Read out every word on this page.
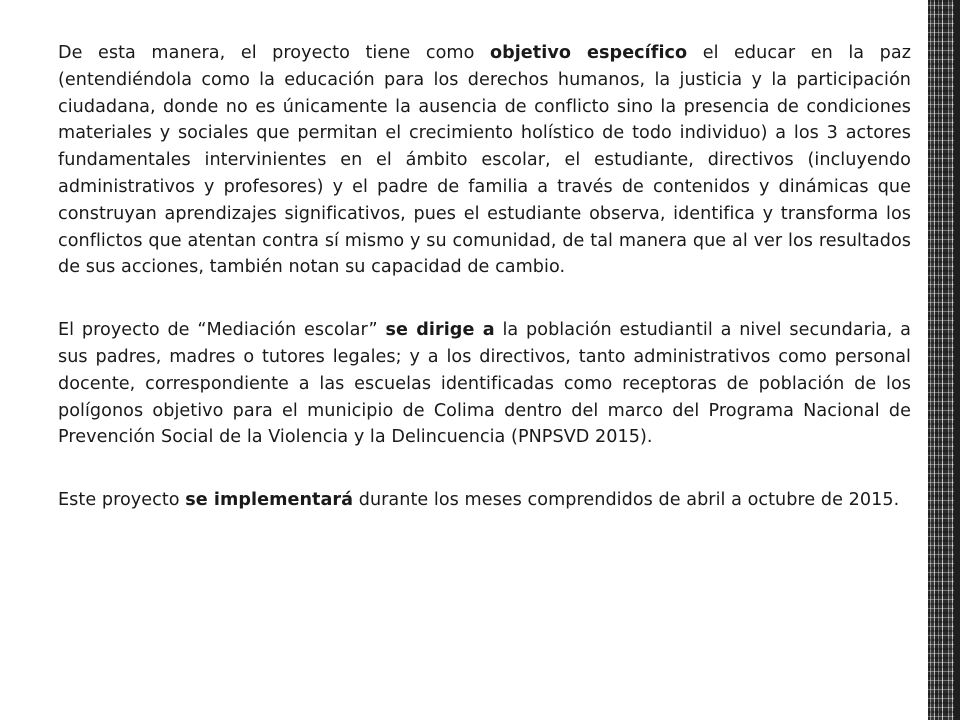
De esta manera, el proyecto tiene como objetivo específico el educar en la paz (entendiéndola como la educación para los derechos humanos, la justicia y la participación ciudadana, donde no es únicamente la ausencia de conflicto sino la presencia de condiciones materiales y sociales que permitan el crecimiento holístico de todo individuo) a los 3 actores fundamentales intervinientes en el ámbito escolar, el estudiante, directivos (incluyendo administrativos y profesores) y el padre de familia a través de contenidos y dinámicas que construyan aprendizajes significativos, pues el estudiante observa, identifica y transforma los conflictos que atentan contra sí mismo y su comunidad, de tal manera que al ver los resultados de sus acciones, también notan su capacidad de cambio.

El proyecto de “Mediación escolar” se dirige a la población estudiantil a nivel secundaria, a sus padres, madres o tutores legales; y a los directivos, tanto administrativos como personal docente, correspondiente a las escuelas identificadas como receptoras de población de los polígonos objetivo para el municipio de Colima dentro del marco del Programa Nacional de Prevención Social de la Violencia y la Delincuencia (PNPSVD 2015).

Este proyecto se implementará durante los meses comprendidos de abril a octubre de 2015.
